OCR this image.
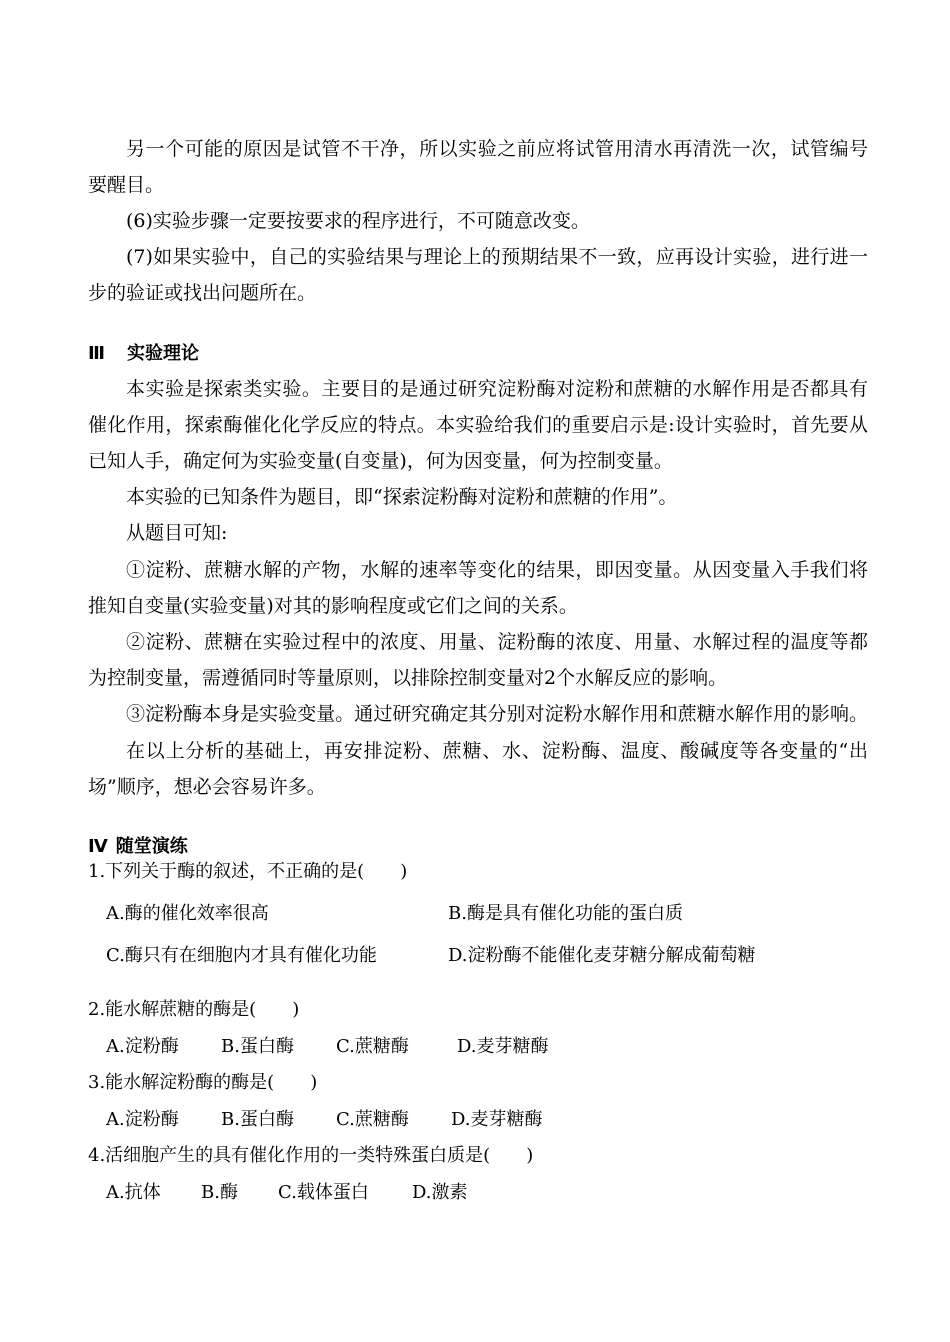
另一个可能的原因是试管不干净，所以实验之前应将试管用清水再清洗一次，试管编号
要醒目。
(6)实验步骤一定要按要求的程序进行，不可随意改变。
(7)如果实验中，自己的实验结果与理论上的预期结果不一致，应再设计实验，进行进一
步的验证或找出问题所在。
Ⅲ 实验理论
本实验是探索类实验。主要目的是通过研究淀粉酶对淀粉和蔗糖的水解作用是否都具有
催化作用，探索酶催化化学反应的特点。本实验给我们的重要启示是:设计实验时，首先要从
已知人手，确定何为实验变量(自变量)，何为因变量，何为控制变量。
本实验的已知条件为题目，即“探索淀粉酶对淀粉和蔗糖的作用”。
从题目可知:
①淀粉、蔗糖水解的产物，水解的速率等变化的结果，即因变量。从因变量入手我们将
推知自变量(实验变量)对其的影响程度或它们之间的关系。
②淀粉、蔗糖在实验过程中的浓度、用量、淀粉酶的浓度、用量、水解过程的温度等都
为控制变量，需遵循同时等量原则，以排除控制变量对2个水解反应的影响。
③淀粉酶本身是实验变量。通过研究确定其分别对淀粉水解作用和蔗糖水解作用的影响。
在以上分析的基础上，再安排淀粉、蔗糖、水、淀粉酶、温度、酸碱度等各变量的“出
场”顺序，想必会容易许多。
Ⅳ 随堂演练
1.下列关于酶的叙述，不正确的是(　　)
A.酶的催化效率很高	B.酶是具有催化功能的蛋白质
C.酶只有在细胞内才具有催化功能	D.淀粉酶不能催化麦芽糖分解成葡萄糖
2.能水解蔗糖的酶是(　　)
A.淀粉酶 B.蛋白酶 C.蔗糖酶	D.麦芽糖酶
3.能水解淀粉酶的酶是(　　)
A.淀粉酶 B.蛋白酶 C.蔗糖酶 D.麦芽糖酶
4.活细胞产生的具有催化作用的一类特殊蛋白质是(　　)
A.抗体 B.酶 C.载体蛋白 D.激素
